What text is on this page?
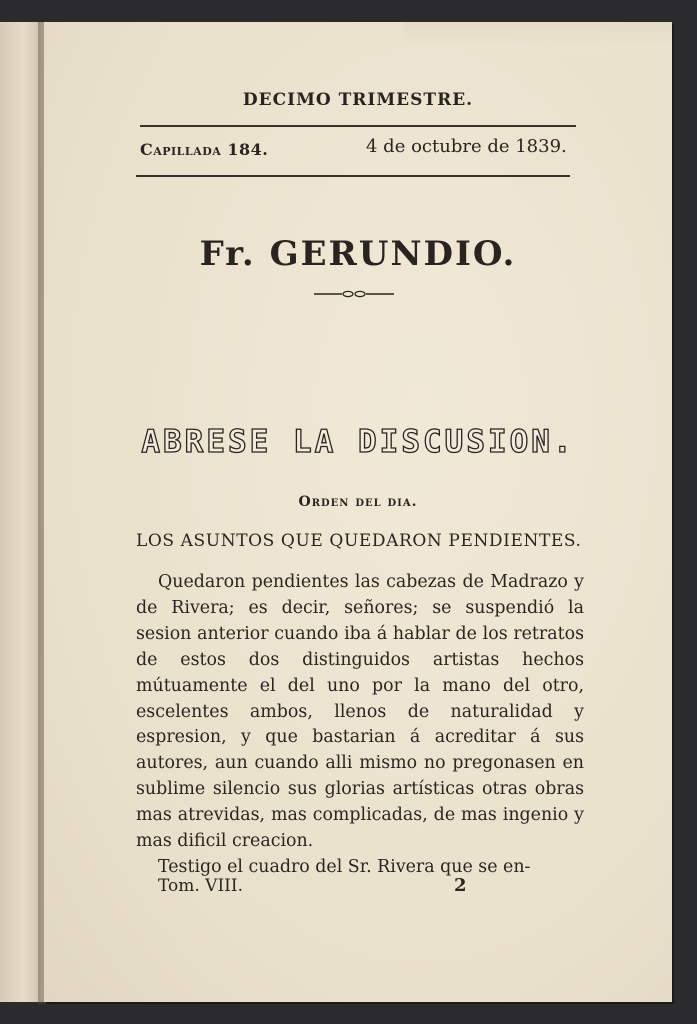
DECIMO TRIMESTRE.
Capillada 184.	4 de octubre de 1839.
Fr. GERUNDIO.
ABRESE LA DISCUSION.
Orden del dia.
LOS ASUNTOS QUE QUEDARON PENDIENTES.

Quedaron pendientes las cabezas de Madrazo y de Rivera; es decir, señores; se suspendió la sesion anterior cuando iba á hablar de los retratos de estos dos distinguidos artistas hechos mútuamente el del uno por la mano del otro, escelentes ambos, llenos de naturalidad y espresion, y que bastarian á acreditar á sus autores, aun cuando alli mismo no pregonasen en sublime silencio sus glorias artísticas otras obras mas atrevidas, mas complicadas, de mas ingenio y mas dificil creacion.

Testigo el cuadro del Sr. Rivera que se en-

Tom. VIII.	2
